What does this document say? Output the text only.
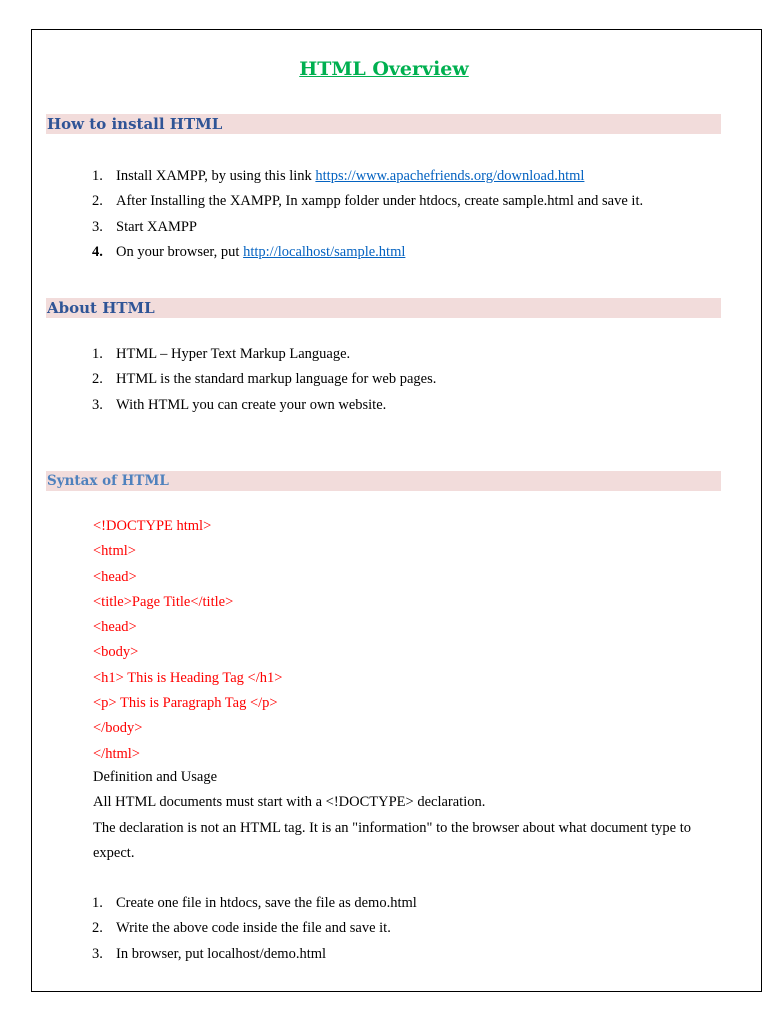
HTML Overview
How to install HTML
1. Install XAMPP, by using this link https://www.apachefriends.org/download.html
2. After Installing the XAMPP, In xampp folder under htdocs, create sample.html and save it.
3. Start XAMPP
4. On your browser, put http://localhost/sample.html
About HTML
1. HTML – Hyper Text Markup Language.
2. HTML is the standard markup language for web pages.
3. With HTML you can create your own website.
Syntax of HTML
<!DOCTYPE html>
<html>
<head>
<title>Page Title</title>
<head>
<body>
<h1> This is Heading Tag </h1>
<p> This is Paragraph Tag </p>
</body>
</html>
Definition and Usage
All HTML documents must start with a <!DOCTYPE> declaration.
The declaration is not an HTML tag. It is an "information" to the browser about what document type to expect.
1. Create one file in htdocs, save the file as demo.html
2. Write the above code inside the file and save it.
3. In browser, put localhost/demo.html
